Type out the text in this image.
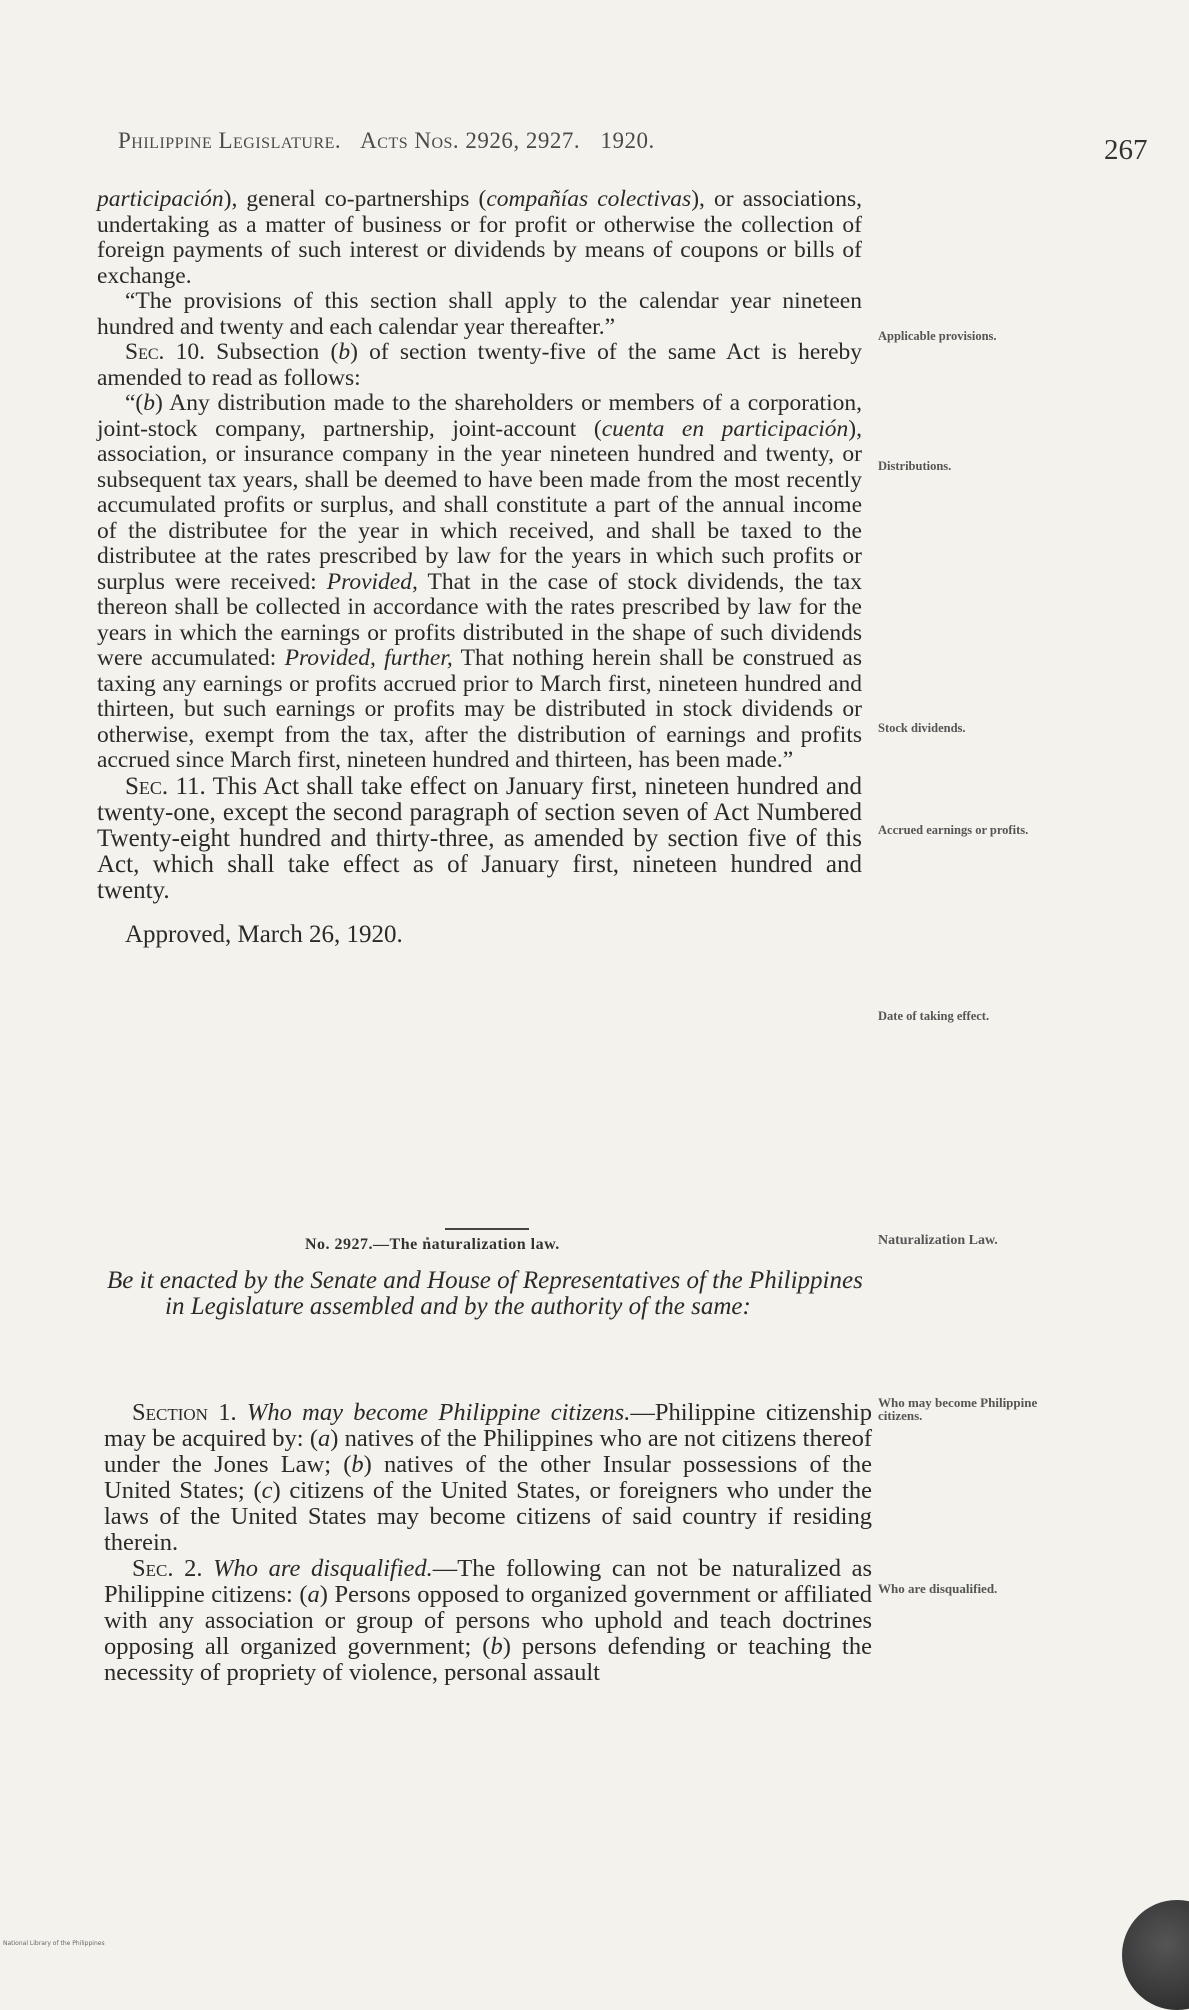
Philippine Legislature. Acts Nos. 2926, 2927. 1920.	267

participación), general co-partnerships (compañías colectivas), or associations, undertaking as a matter of business or for profit or otherwise the collection of foreign payments of such interest or dividends by means of coupons or bills of exchange.

“The provisions of this section shall apply to the calendar year nineteen hundred and twenty and each calendar year thereafter.”

Sec. 10. Subsection (b) of section twenty-five of the same Act is hereby amended to read as follows:

“(b) Any distribution made to the shareholders or members of a corporation, joint-stock company, partnership, joint-account (cuenta en participación), association, or insurance company in the year nineteen hundred and twenty, or subsequent tax years, shall be deemed to have been made from the most recently accumulated profits or surplus, and shall constitute a part of the annual income of the distributee for the year in which received, and shall be taxed to the distributee at the rates prescribed by law for the years in which such profits or surplus were received: Provided, That in the case of stock dividends, the tax thereon shall be collected in accordance with the rates prescribed by law for the years in which the earnings or profits distributed in the shape of such dividends were accumulated: Provided, further, That nothing herein shall be construed as taxing any earnings or profits accrued prior to March first, nineteen hundred and thirteen, but such earnings or profits may be distributed in stock dividends or otherwise, exempt from the tax, after the distribution of earnings and profits accrued since March first, nineteen hundred and thirteen, has been made.”

Sec. 11. This Act shall take effect on January first, nineteen hundred and twenty-one, except the second paragraph of section seven of Act Numbered Twenty-eight hundred and thirty-three, as amended by section five of this Act, which shall take effect as of January first, nineteen hundred and twenty.

Approved, March 26, 1920.

Applicable provisions.
Distributions.
Stock dividends.
Accrued earnings or profits.
Date of taking effect.
Naturalization Law.
Who may become Philippine citizens.
Who are disqualified.
No. 2927.—The naturalization law.

Be it enacted by the Senate and House of Representatives of the Philippines in Legislature assembled and by the authority of the same:

Section 1. Who may become Philippine citizens.—Philippine citizenship may be acquired by: (a) natives of the Philippines who are not citizens thereof under the Jones Law; (b) natives of the other Insular possessions of the United States; (c) citizens of the United States, or foreigners who under the laws of the United States may become citizens of said country if residing therein.

Sec. 2. Who are disqualified.—The following can not be naturalized as Philippine citizens: (a) Persons opposed to organized government or affiliated with any association or group of persons who uphold and teach doctrines opposing all organized government; (b) persons defending or teaching the necessity of propriety of violence, personal assault

National Library of the Philippines
